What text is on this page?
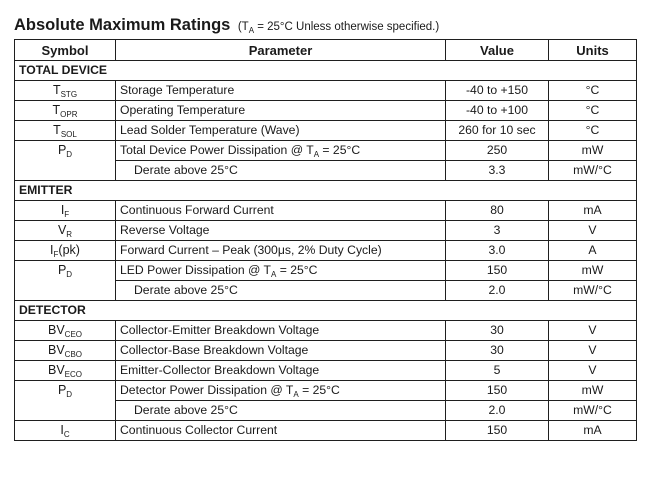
Absolute Maximum Ratings ($T_A = 25^\circ C$ Unless otherwise specified.)
Symbol	Parameter	Value	Units
TOTAL DEVICE			
$T_{STG}$	Storage Temperature	-40 to +150	°C
$T_{OPR}$	Operating Temperature	-40 to +100	°C
$T_{SOL}$	Lead Solder Temperature (Wave)	260 for 10 sec	°C
$P_D$	Total Device Power Dissipation @ $T_A = 25^\circ C$	250	mW
	Derate above 25°C	3.3	mW/°C
EMITTER			
$I_F$	Continuous Forward Current	80	mA
$V_R$	Reverse Voltage	3	V
$I_F(pk)$	Forward Current – Peak (300μs, 2% Duty Cycle)	3.0	A
$P_D$	LED Power Dissipation @ $T_A = 25^\circ C$	150	mW
	Derate above 25°C	2.0	mW/°C
DETECTOR			
$BV_{CEO}$	Collector-Emitter Breakdown Voltage	30	V
$BV_{CBO}$	Collector-Base Breakdown Voltage	30	V
$BV_{ECO}$	Emitter-Collector Breakdown Voltage	5	V
$P_D$	Detector Power Dissipation @ $T_A = 25^\circ C$	150	mW
	Derate above 25°C	2.0	mW/°C
$I_C$	Continuous Collector Current	150	mA
